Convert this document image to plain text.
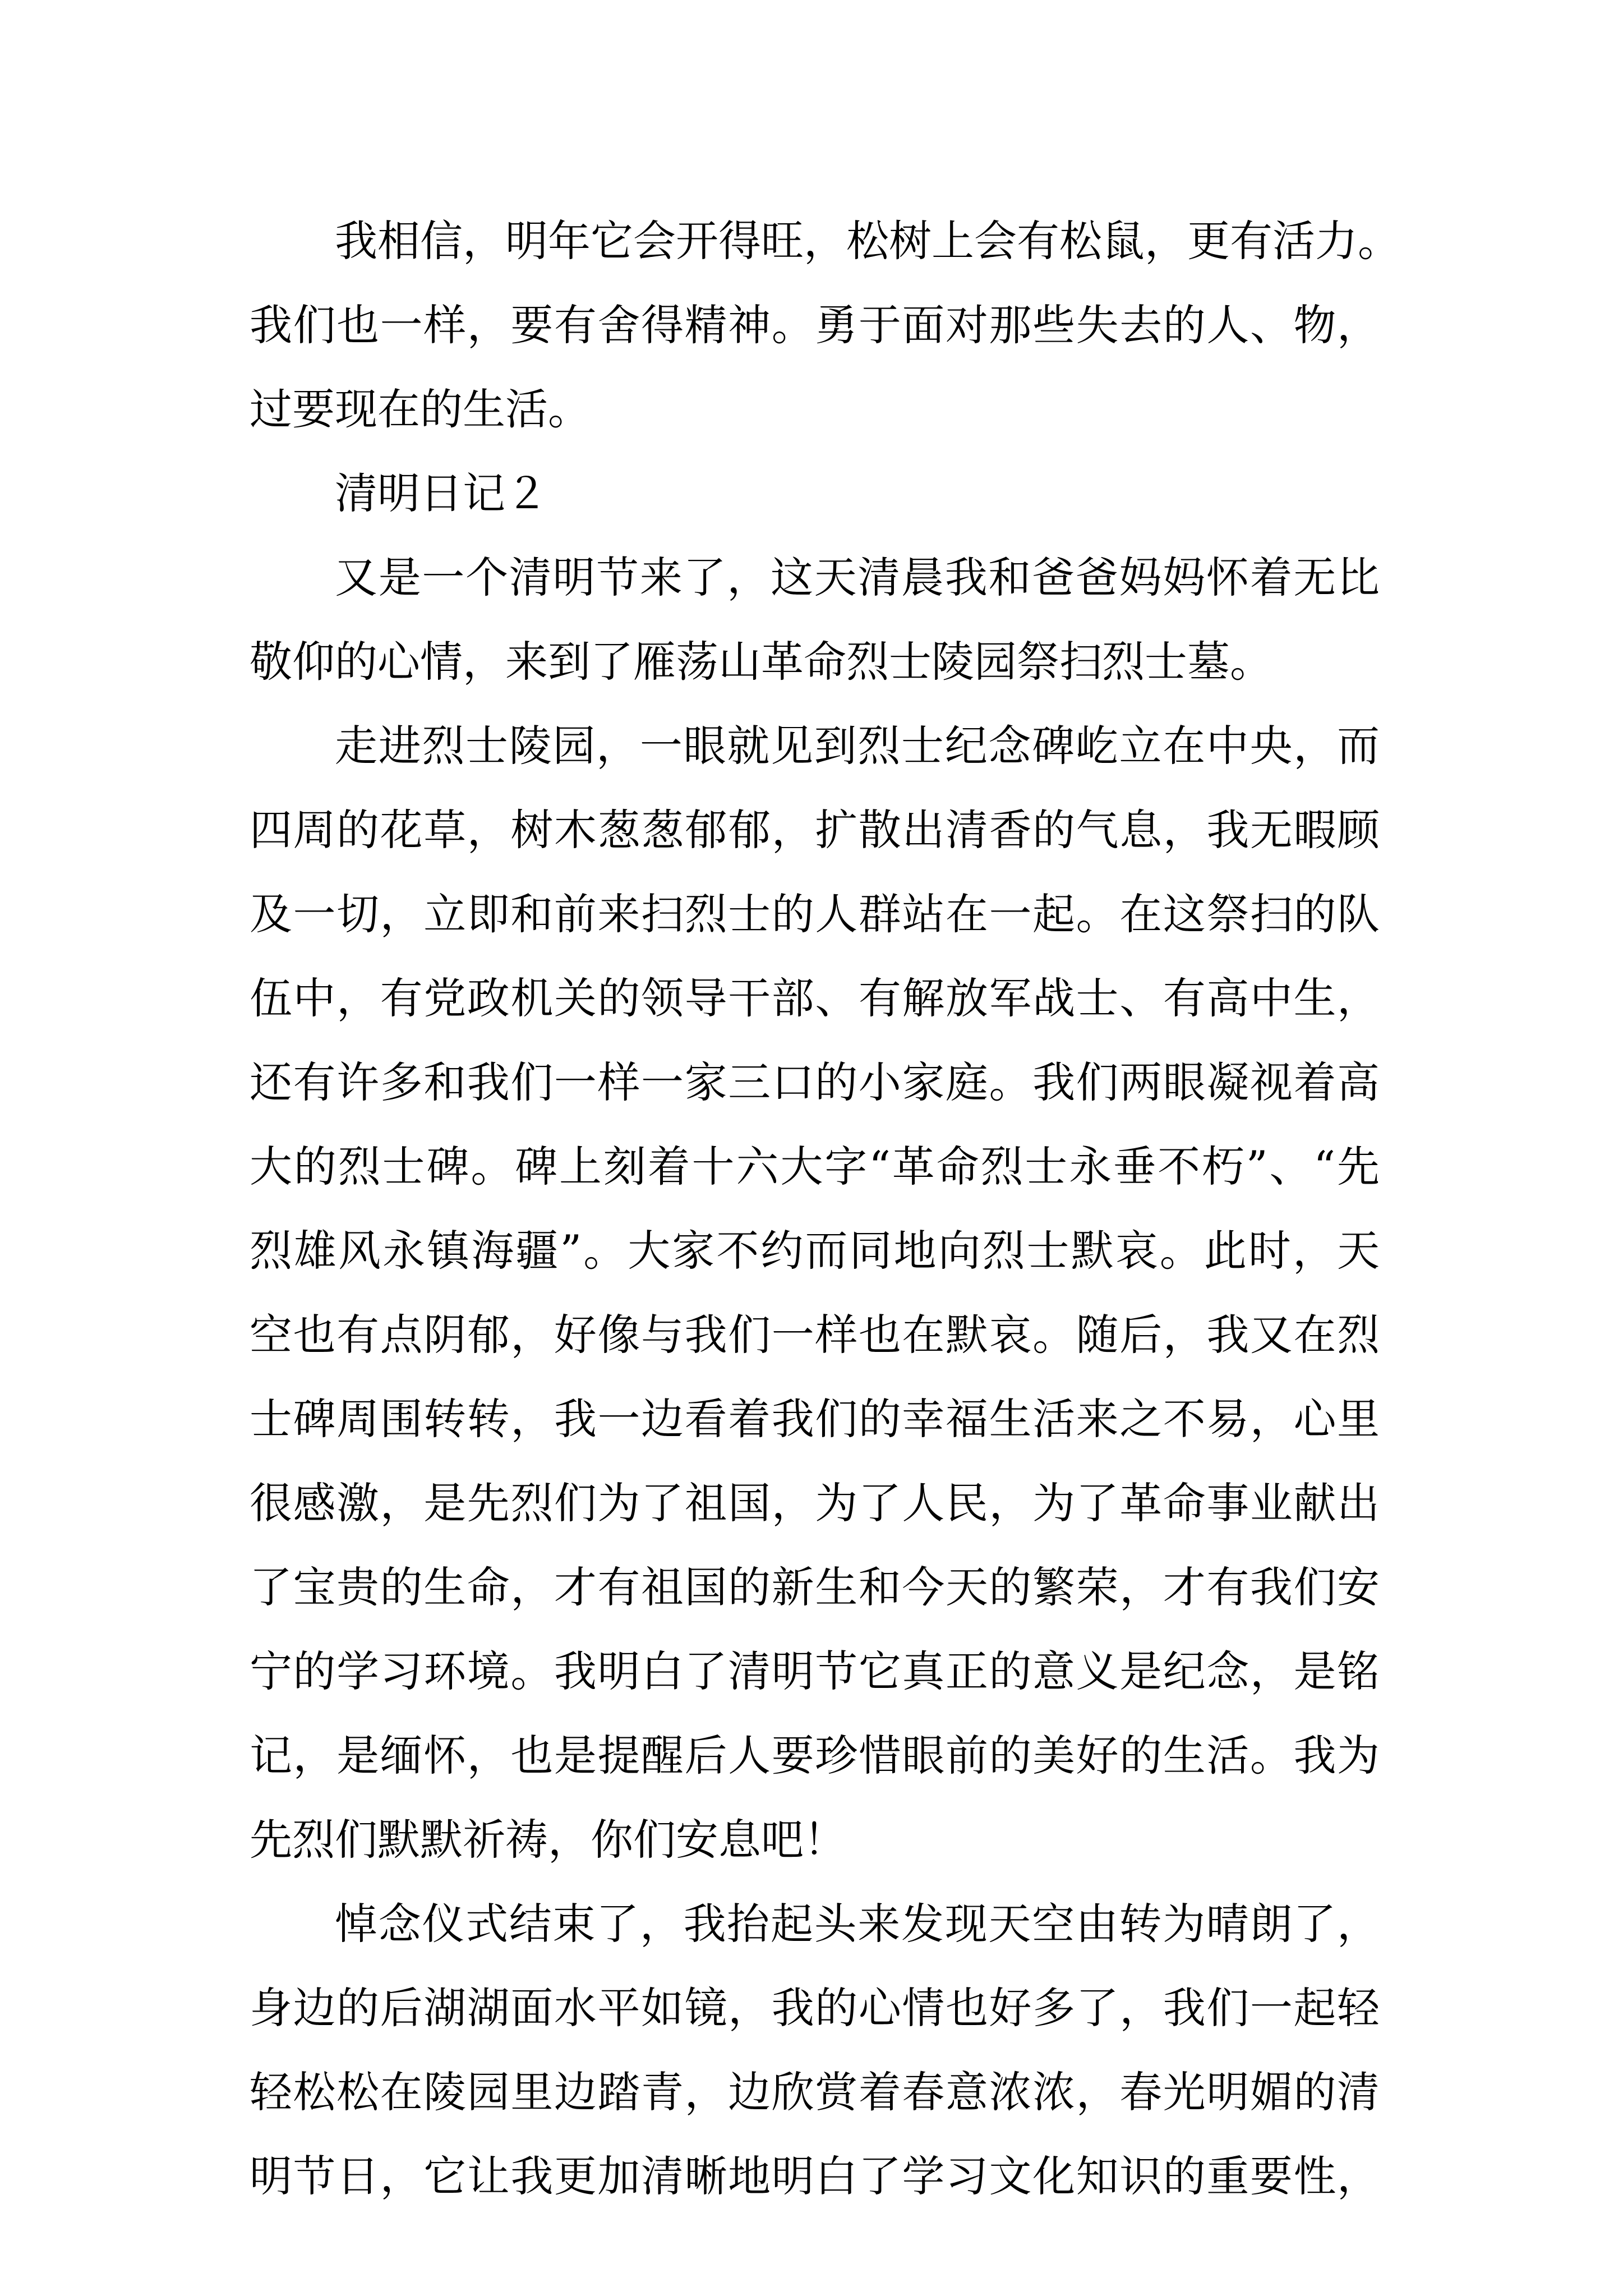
我相信，明年它会开得旺，松树上会有松鼠，更有活力。
我们也一样，要有舍得精神。勇于面对那些失去的人、物，
过要现在的生活。
清明日记２
又是一个清明节来了，这天清晨我和爸爸妈妈怀着无比
敬仰的心情，来到了雁荡山革命烈士陵园祭扫烈士墓。
走进烈士陵园，一眼就见到烈士纪念碑屹立在中央，而
四周的花草，树木葱葱郁郁，扩散出清香的气息，我无暇顾
及一切，立即和前来扫烈士的人群站在一起。在这祭扫的队
伍中，有党政机关的领导干部、有解放军战士、有高中生，
还有许多和我们一样一家三口的小家庭。我们两眼凝视着高
大的烈士碑。碑上刻着十六大字“革命烈士永垂不朽”、“先
烈雄风永镇海疆”。大家不约而同地向烈士默哀。此时，天
空也有点阴郁，好像与我们一样也在默哀。随后，我又在烈
士碑周围转转，我一边看着我们的幸福生活来之不易，心里
很感激，是先烈们为了祖国，为了人民，为了革命事业献出
了宝贵的生命，才有祖国的新生和今天的繁荣，才有我们安
宁的学习环境。我明白了清明节它真正的意义是纪念，是铭
记，是缅怀，也是提醒后人要珍惜眼前的美好的生活。我为
先烈们默默祈祷，你们安息吧！
悼念仪式结束了，我抬起头来发现天空由转为晴朗了，
身边的后湖湖面水平如镜，我的心情也好多了，我们一起轻
轻松松在陵园里边踏青，边欣赏着春意浓浓，春光明媚的清
明节日，它让我更加清晰地明白了学习文化知识的重要性，
